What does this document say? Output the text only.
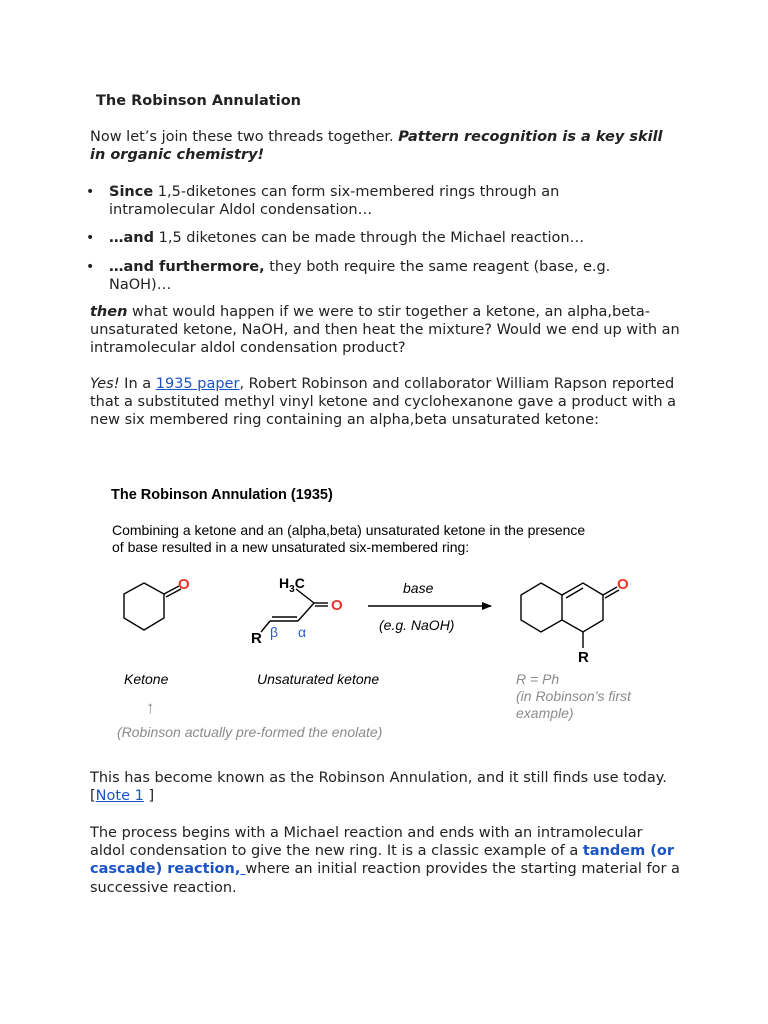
The Robinson Annulation

Now let’s join these two threads together. Pattern recognition is a key skill in organic chemistry!

• Since 1,5-diketones can form six-membered rings through an intramolecular Aldol condensation…
• …and 1,5 diketones can be made through the Michael reaction…
• …and furthermore, they both require the same reagent (base, e.g. NaOH)…

then what would happen if we were to stir together a ketone, an alpha,beta-unsaturated ketone, NaOH, and then heat the mixture? Would we end up with an intramolecular aldol condensation product?

Yes! In a 1935 paper, Robert Robinson and collaborator William Rapson reported that a substituted methyl vinyl ketone and cyclohexanone gave a product with a new six membered ring containing an alpha,beta unsaturated ketone:

The Robinson Annulation (1935)
Combining a ketone and an (alpha,beta) unsaturated ketone in the presence
of base resulted in a new unsaturated six-membered ring:
O	$H_3C$
O
R β α
base
(e.g. NaOH)
O
R
Ketone	Unsaturated ketone	R = Ph
(in Robinson’s first
example)
↑
(Robinson actually pre-formed the enolate)

This has become known as the Robinson Annulation, and it still finds use today. [Note 1 ]

The process begins with a Michael reaction and ends with an intramolecular aldol condensation to give the new ring. It is a classic example of a tandem (or cascade) reaction, where an initial reaction provides the starting material for a successive reaction.
